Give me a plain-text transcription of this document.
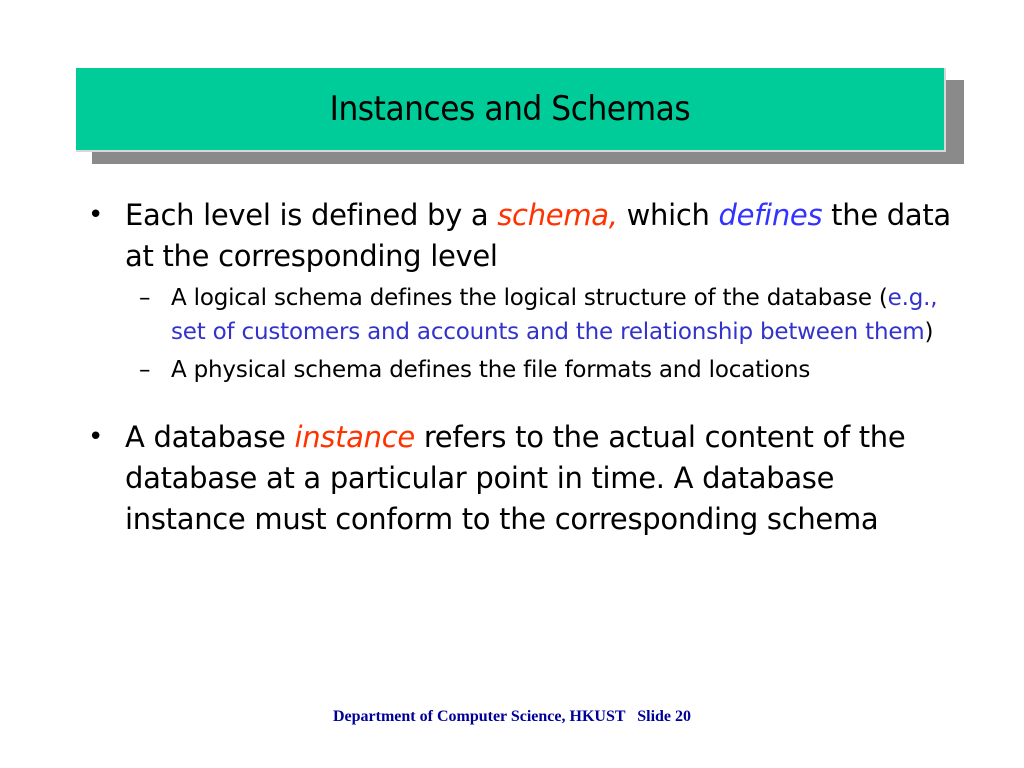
Instances and Schemas
• Each level is defined by a schema, which defines the data at the corresponding level
– A logical schema defines the logical structure of the database (e.g., set of customers and accounts and the relationship between them)
– A physical schema defines the file formats and locations
• A database instance refers to the actual content of the database at a particular point in time. A database instance must conform to the corresponding schema
Department of Computer Science, HKUST   Slide 20
